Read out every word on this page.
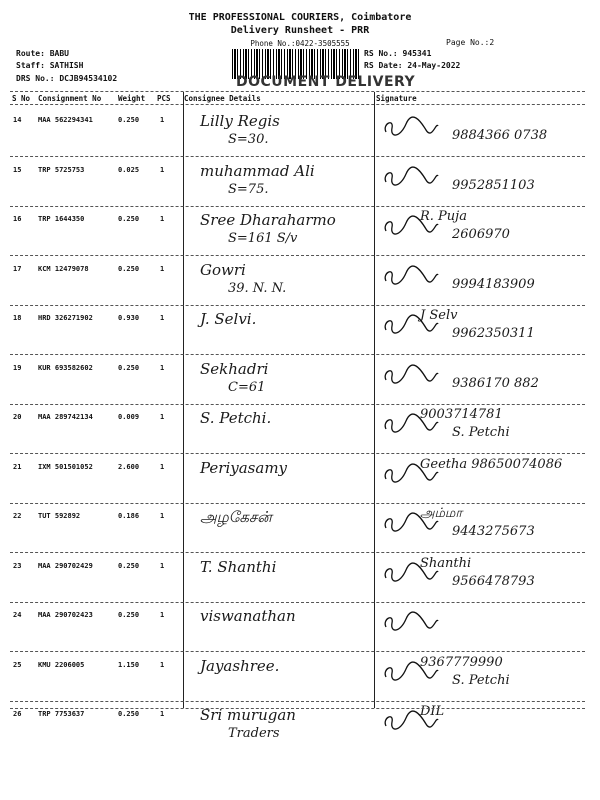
THE PROFESSIONAL COURIERS, Coimbatore
Delivery Runsheet - PRR
Phone No.:0422-3505555	Page No.:2
Route: BABU
Staff: SATHISH
DRS No.: DCJB94534102
RS No.: 945341
RS Date: 24-May-2022
DOCUMENT DELIVERY
S No Consignment No Weight PCS Consignee Details	Signature
14 MAA 562294341	0.250	1 Lilly Regis
S=30.	9884366 0738
15 TRP 5725753	0.025	1 muhammad Ali
S=75.	9952851103
16 TRP 1644350	0.250	1 Sree Dharaharmo
S=161 S/v
R. Puja
2606970
17 KCM 12479078	0.250	1 Gowri
39. N. N.	9994183909
18 HRD 326271902	0.930	1 J. Selvi.	J Selv
9962350311
19 KUR 693582602	0.250	1 Sekhadri
C=61	9386170 882
20 MAA 289742134	0.009	1 S. Petchi.	9003714781
S. Petchi
21 IXM 501501052	2.600	1 Periyasamy	Geetha 98650074086
22 TUT 592892	0.186	1 அழகேசன்	அம்மா
9443275673
23 MAA 290702429	0.250	1 T. Shanthi	Shanthi
9566478793
24 MAA 290702423	0.250	1 viswanathan
25 KMU 2206005	1.150	1 Jayashree.	9367779990
S. Petchi
26 TRP 7753637	0.250	1 Sri murugan
Traders
DIL
